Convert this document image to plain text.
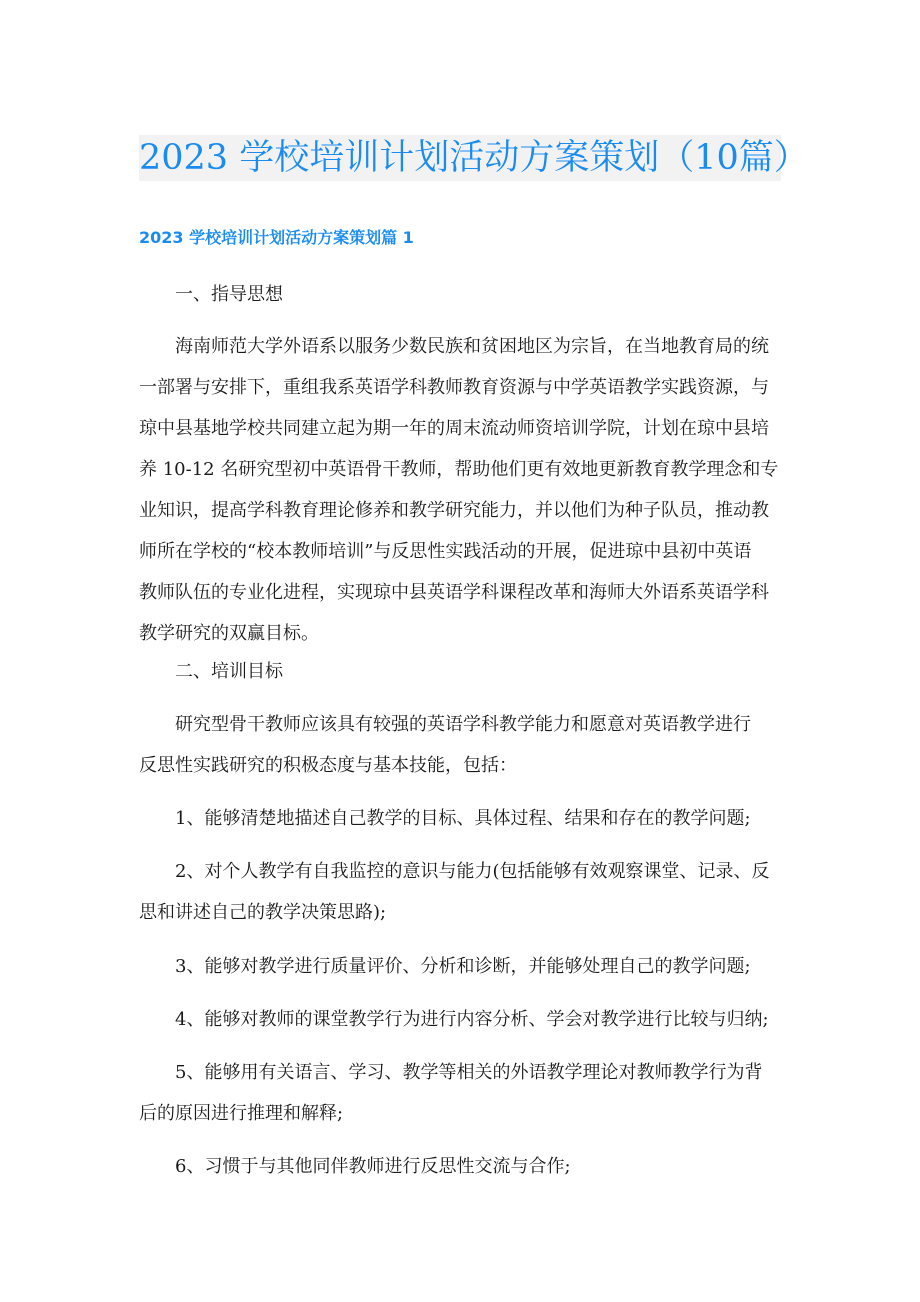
2023 学校培训计划活动方案策划（10篇）
2023 学校培训计划活动方案策划篇 1
一、指导思想
海南师范大学外语系以服务少数民族和贫困地区为宗旨，在当地教育局的统
一部署与安排下，重组我系英语学科教师教育资源与中学英语教学实践资源，与
琼中县基地学校共同建立起为期一年的周末流动师资培训学院，计划在琼中县培
养 10-12 名研究型初中英语骨干教师，帮助他们更有效地更新教育教学理念和专
业知识，提高学科教育理论修养和教学研究能力，并以他们为种子队员，推动教
师所在学校的“校本教师培训”与反思性实践活动的开展，促进琼中县初中英语
教师队伍的专业化进程，实现琼中县英语学科课程改革和海师大外语系英语学科
教学研究的双赢目标。
二、培训目标
研究型骨干教师应该具有较强的英语学科教学能力和愿意对英语教学进行
反思性实践研究的积极态度与基本技能，包括：
1、能够清楚地描述自己教学的目标、具体过程、结果和存在的教学问题;
2、对个人教学有自我监控的意识与能力(包括能够有效观察课堂、记录、反
思和讲述自己的教学决策思路);
3、能够对教学进行质量评价、分析和诊断，并能够处理自己的教学问题;
4、能够对教师的课堂教学行为进行内容分析、学会对教学进行比较与归纳;
5、能够用有关语言、学习、教学等相关的外语教学理论对教师教学行为背
后的原因进行推理和解释;
6、习惯于与其他同伴教师进行反思性交流与合作;
